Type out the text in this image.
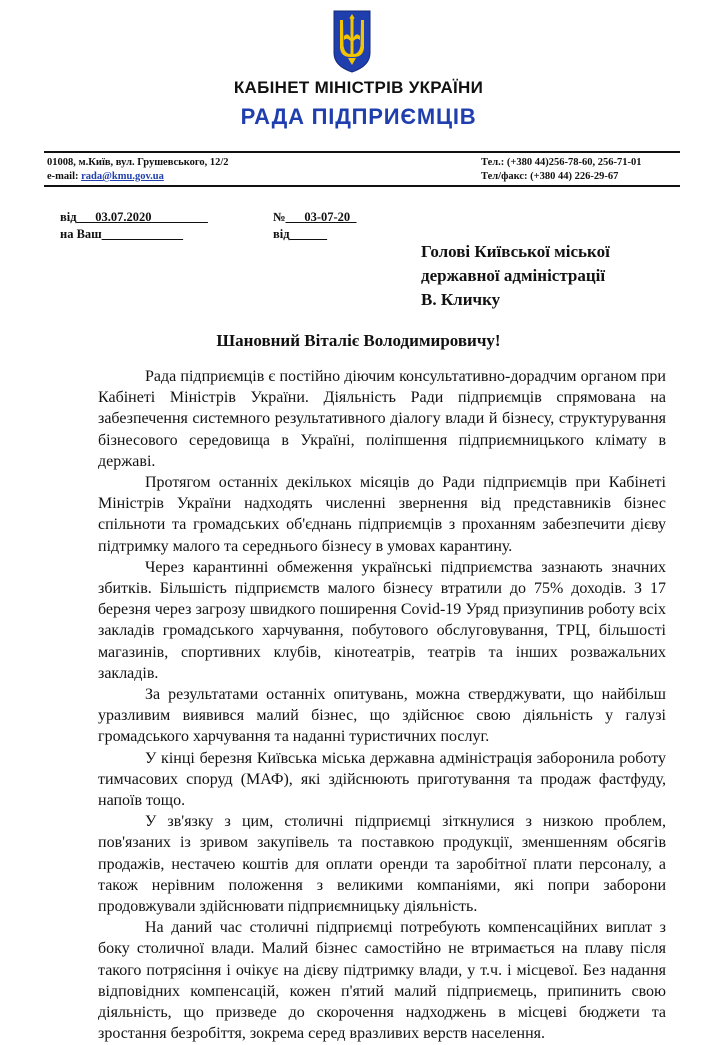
КАБІНЕТ МІНІСТРІВ УКРАЇНИ
РАДА ПІДПРИЄМЦІВ
01008, м.Київ, вул. Грушевського, 12/2
e-mail: rada@kmu.gov.ua
Тел.: (+380 44)256-78-60, 256-71-01
Тел/факс: (+380 44) 226-29-67
від___03.07.2020_________
на Ваш_____________
№___03-07-20_
від______
Голові Київської міської
державної адміністрації
В. Кличку
Шановний Віталіє Володимировичу!

Рада підприємців є постійно діючим консультативно-дорадчим органом при Кабінеті Міністрів України. Діяльність Ради підприємців спрямована на забезпечення системного результативного діалогу влади й бізнесу, структурування бізнесового середовища в Україні, поліпшення підприємницького клімату в державі.

Протягом останніх декількох місяців до Ради підприємців при Кабінеті Міністрів України надходять численні звернення від представників бізнес спільноти та громадських об'єднань підприємців з проханням забезпечити дієву підтримку малого та середнього бізнесу в умовах карантину.

Через карантинні обмеження українські підприємства зазнають значних збитків. Більшість підприємств малого бізнесу втратили до 75% доходів. З 17 березня через загрозу швидкого поширення Covid-19 Уряд призупинив роботу всіх закладів громадського харчування, побутового обслуговування, ТРЦ, більшості магазинів, спортивних клубів, кінотеатрів, театрів та інших розважальних закладів.

За результатами останніх опитувань, можна стверджувати, що найбільш уразливим виявився малий бізнес, що здійснює свою діяльність у галузі громадського харчування та наданні туристичних послуг.

У кінці березня Київська міська державна адміністрація заборонила роботу тимчасових споруд (МАФ), які здійснюють приготування та продаж фастфуду, напоїв тощо.

У зв'язку з цим, столичні підприємці зіткнулися з низкою проблем, пов'язаних із зривом закупівель та поставкою продукції, зменшенням обсягів продажів, нестачею коштів для оплати оренди та заробітної плати персоналу, а також нерівним положення з великими компаніями, які попри заборони продовжували здійснювати підприємницьку діяльність.

На даний час столичні підприємці потребують компенсаційних виплат з боку столичної влади. Малий бізнес самостійно не втримається на плаву після такого потрясіння і очікує на дієву підтримку влади, у т.ч. і місцевої. Без надання відповідних компенсацій, кожен п'ятий малий підприємець, припинить свою діяльність, що призведе до скорочення надходжень в місцеві бюджети та зростання безробіття, зокрема серед вразливих верств населення.
